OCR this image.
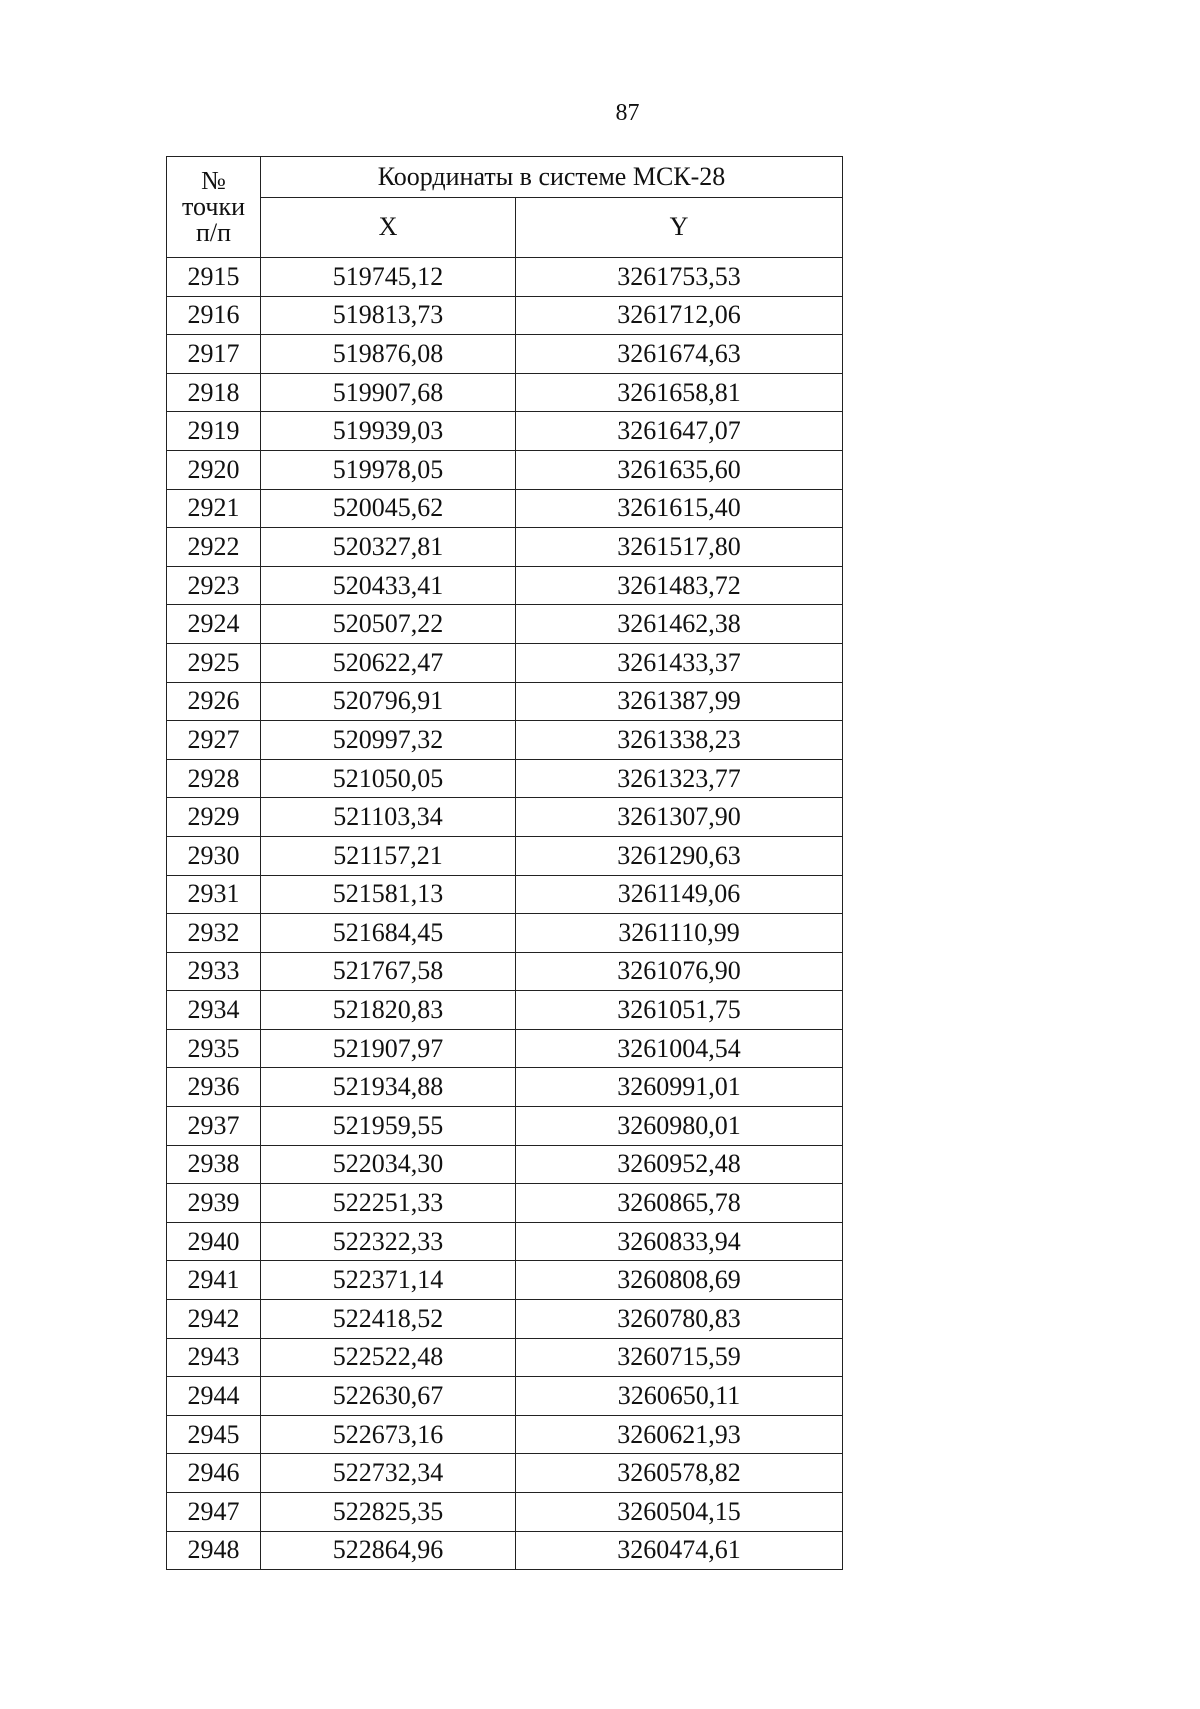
87
№
точки
п/п	Координаты в системе МСК-28	
	X	Y
2915	519745,12	3261753,53
2916	519813,73	3261712,06
2917	519876,08	3261674,63
2918	519907,68	3261658,81
2919	519939,03	3261647,07
2920	519978,05	3261635,60
2921	520045,62	3261615,40
2922	520327,81	3261517,80
2923	520433,41	3261483,72
2924	520507,22	3261462,38
2925	520622,47	3261433,37
2926	520796,91	3261387,99
2927	520997,32	3261338,23
2928	521050,05	3261323,77
2929	521103,34	3261307,90
2930	521157,21	3261290,63
2931	521581,13	3261149,06
2932	521684,45	3261110,99
2933	521767,58	3261076,90
2934	521820,83	3261051,75
2935	521907,97	3261004,54
2936	521934,88	3260991,01
2937	521959,55	3260980,01
2938	522034,30	3260952,48
2939	522251,33	3260865,78
2940	522322,33	3260833,94
2941	522371,14	3260808,69
2942	522418,52	3260780,83
2943	522522,48	3260715,59
2944	522630,67	3260650,11
2945	522673,16	3260621,93
2946	522732,34	3260578,82
2947	522825,35	3260504,15
2948	522864,96	3260474,61
